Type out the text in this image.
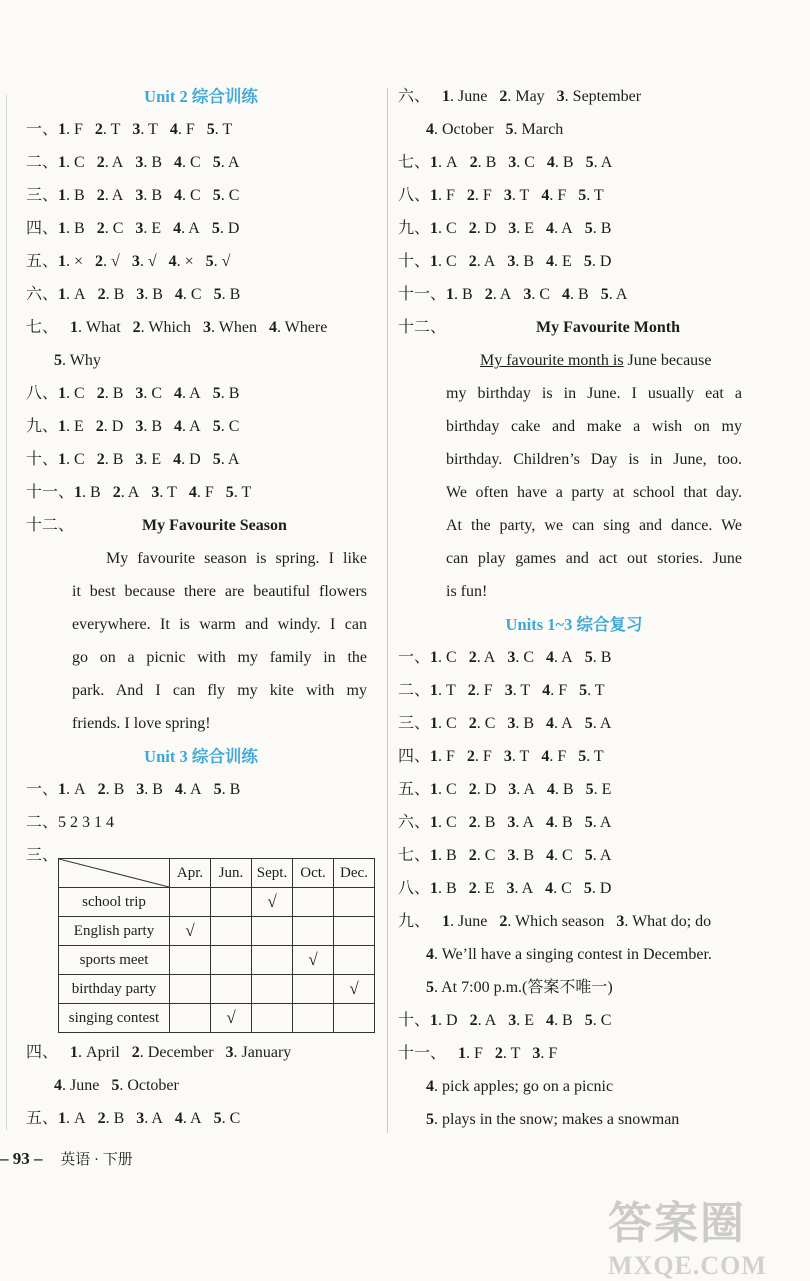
Unit 2 综合训练
一、1. F 2. T 3. T 4. F 5. T
二、1. C 2. A 3. B 4. C 5. A
三、1. B 2. A 3. B 4. C 5. C
四、1. B 2. C 3. E 4. A 5. D
五、1. × 2. √ 3. √ 4. × 5. √
六、1. A 2. B 3. B 4. C 5. B
七、 1. What 2. Which 3. When 4. Where
5. Why
八、1. C 2. B 3. C 4. A 5. B
九、1. E 2. D 3. B 4. A 5. C
十、1. C 2. B 3. E 4. D 5. A
十一、1. B 2. A 3. T 4. F 5. T
十二、	My Favourite Season
My favourite season is spring. I like
it best because there are beautiful flowers
everywhere. It is warm and windy. I can
go on a picnic with my family in the
park. And I can fly my kite with my
friends. I love spring!
Unit 3 综合训练
一、1. A 2. B 3. B 4. A 5. B
二、5 2 3 1 4
三、
四、 1. April 2. December 3. January
4. June 5. October
五、1. A 2. B 3. A 4. A 5. C
	Apr.	Jun.	Sept.	Oct.	Dec.
school trip			√		
English party	√				
sports meet				√	
birthday party					√
singing contest		√			
六、 1. June 2. May 3. September
4. October 5. March
七、1. A 2. B 3. C 4. B 5. A
八、1. F 2. F 3. T 4. F 5. T
九、1. C 2. D 3. E 4. A 5. B
十、1. C 2. A 3. B 4. E 5. D
十一、1. B 2. A 3. C 4. B 5. A
十二、	My Favourite Month
My favourite month is June because
my birthday is in June. I usually eat a
birthday cake and make a wish on my
birthday. Children’s Day is in June, too.
We often have a party at school that day.
At the party, we can sing and dance. We
can play games and act out stories. June
is fun!
Units 1~3 综合复习
一、1. C 2. A 3. C 4. A 5. B
二、1. T 2. F 3. T 4. F 5. T
三、1. C 2. C 3. B 4. A 5. A
四、1. F 2. F 3. T 4. F 5. T
五、1. C 2. D 3. A 4. B 5. E
六、1. C 2. B 3. A 4. B 5. A
七、1. B 2. C 3. B 4. C 5. A
八、1. B 2. E 3. A 4. C 5. D
九、 1. June 2. Which season 3. What do; do
4. We’ll have a singing contest in December.
5. At 7:00 p.m.(答案不唯一)
十、1. D 2. A 3. E 4. B 5. C
十一、 1. F 2. T 3. F
4. pick apples; go on a picnic
5. plays in the snow; makes a snowman
– 93 – 英语 · 下册
答案圈
MXQE.COM
